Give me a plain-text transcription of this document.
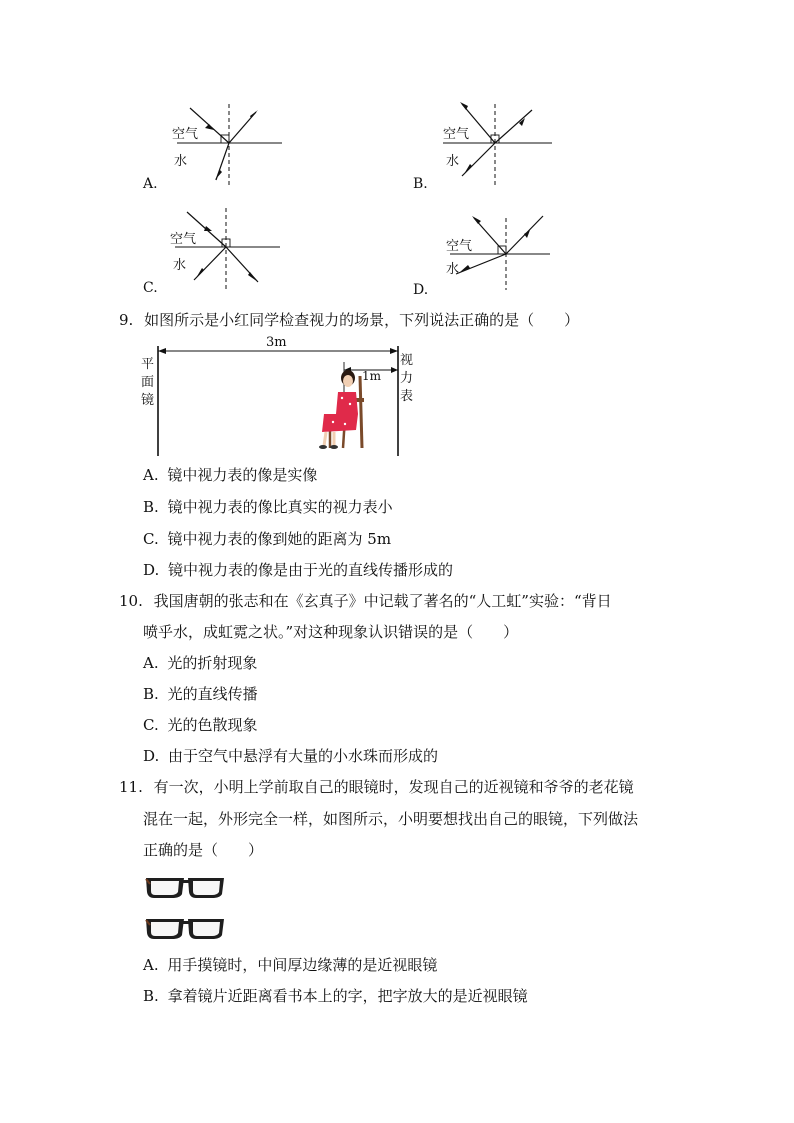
空气
水
A.
空气
水
B.
空气
水
C.
空气
水
D.
9. 如图所示是小红同学检查视力的场景，下列说法正确的是（　　）
3m
1m
平面镜
视力表
A. 镜中视力表的像是实像
B. 镜中视力表的像比真实的视力表小
C. 镜中视力表的像到她的距离为 5m
D. 镜中视力表的像是由于光的直线传播形成的
10. 我国唐朝的张志和在《玄真子》中记载了著名的“人工虹”实验：“背日
喷乎水，成虹霓之状。”对这种现象认识错误的是（　　）
A. 光的折射现象
B. 光的直线传播
C. 光的色散现象
D. 由于空气中悬浮有大量的小水珠而形成的
11. 有一次，小明上学前取自己的眼镜时，发现自己的近视镜和爷爷的老花镜
混在一起，外形完全一样，如图所示，小明要想找出自己的眼镜，下列做法
正确的是（　　）
A. 用手摸镜时，中间厚边缘薄的是近视眼镜
B. 拿着镜片近距离看书本上的字，把字放大的是近视眼镜
